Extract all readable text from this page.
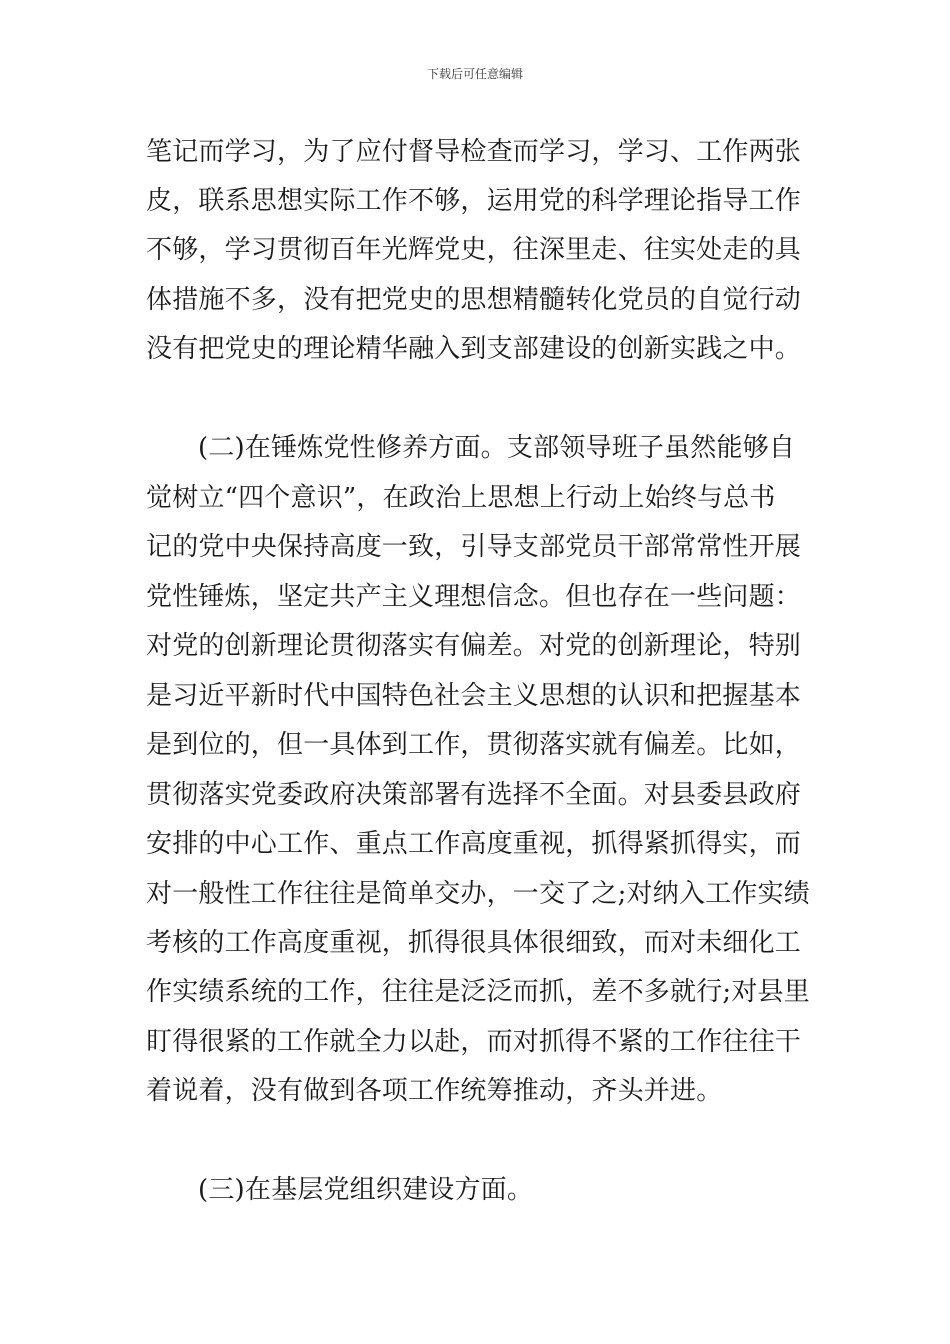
下载后可任意编辑
笔记而学习，为了应付督导检查而学习，学习、工作两张
皮，联系思想实际工作不够，运用党的科学理论指导工作
不够，学习贯彻百年光辉党史，往深里走、往实处走的具
体措施不多，没有把党史的思想精髓转化党员的自觉行动
没有把党史的理论精华融入到支部建设的创新实践之中。
(二)在锤炼党性修养方面。支部领导班子虽然能够自
觉树立“四个意识”，在政治上思想上行动上始终与总书
记的党中央保持高度一致，引导支部党员干部常常性开展
党性锤炼，坚定共产主义理想信念。但也存在一些问题：
对党的创新理论贯彻落实有偏差。对党的创新理论，特别
是习近平新时代中国特色社会主义思想的认识和把握基本
是到位的，但一具体到工作，贯彻落实就有偏差。比如，
贯彻落实党委政府决策部署有选择不全面。对县委县政府
安排的中心工作、重点工作高度重视，抓得紧抓得实，而
对一般性工作往往是简单交办，一交了之;对纳入工作实绩
考核的工作高度重视，抓得很具体很细致，而对未细化工
作实绩系统的工作，往往是泛泛而抓，差不多就行;对县里
盯得很紧的工作就全力以赴，而对抓得不紧的工作往往干
着说着，没有做到各项工作统筹推动，齐头并进。
(三)在基层党组织建设方面。
